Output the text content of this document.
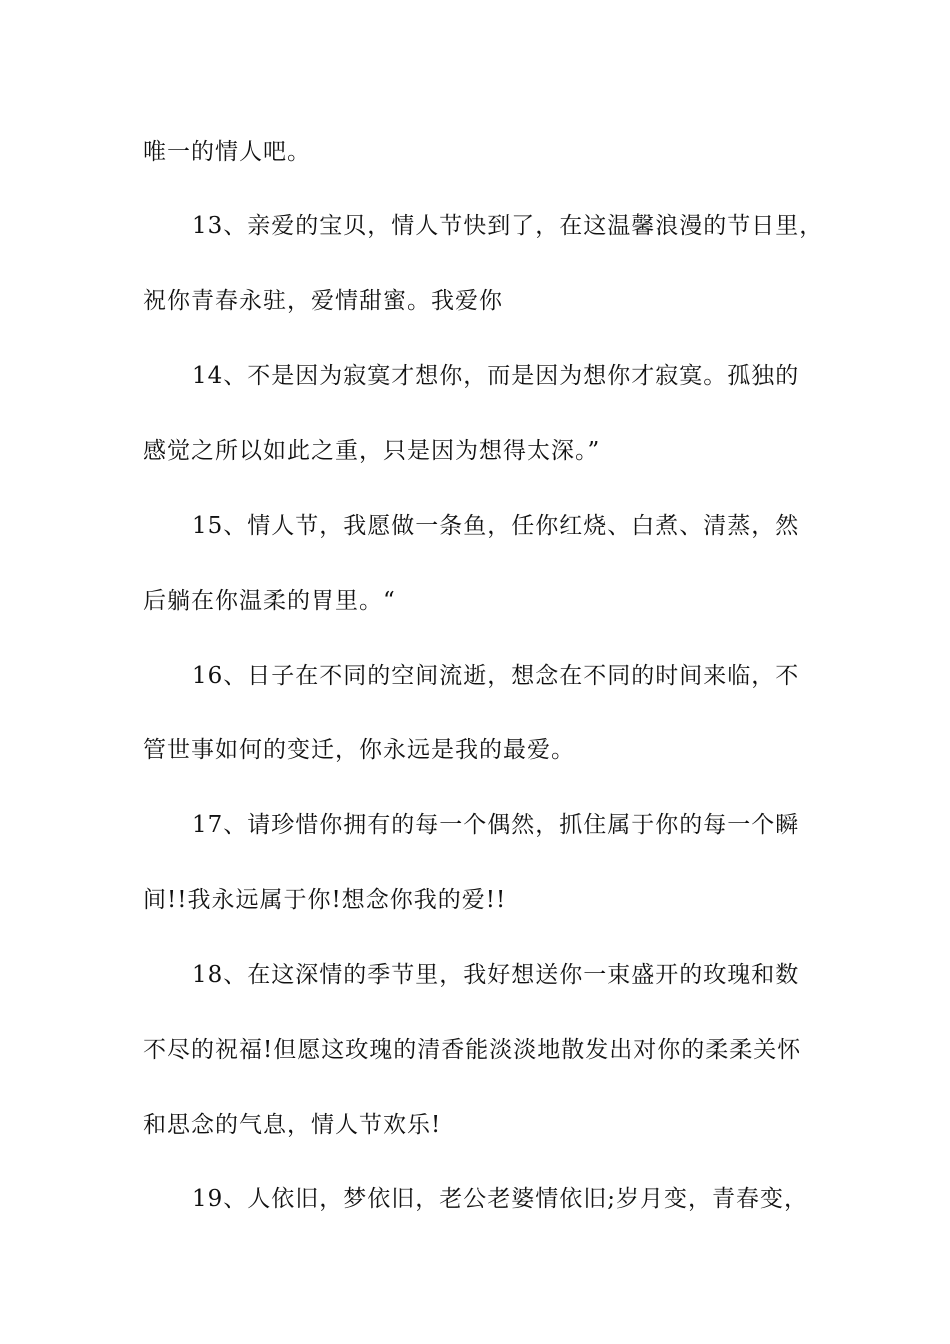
唯一的情人吧。
13、亲爱的宝贝，情人节快到了，在这温馨浪漫的节日里，
祝你青春永驻，爱情甜蜜。我爱你
14、不是因为寂寞才想你，而是因为想你才寂寞。孤独的
感觉之所以如此之重，只是因为想得太深。”
15、情人节，我愿做一条鱼，任你红烧、白煮、清蒸，然
后躺在你温柔的胃里。“
16、日子在不同的空间流逝，想念在不同的时间来临，不
管世事如何的变迁，你永远是我的最爱。
17、请珍惜你拥有的每一个偶然，抓住属于你的每一个瞬
间!!我永远属于你!想念你我的爱!!
18、在这深情的季节里，我好想送你一束盛开的玫瑰和数
不尽的祝福!但愿这玫瑰的清香能淡淡地散发出对你的柔柔关怀
和思念的气息，情人节欢乐!
19、人依旧，梦依旧，老公老婆情依旧;岁月变，青春变，
